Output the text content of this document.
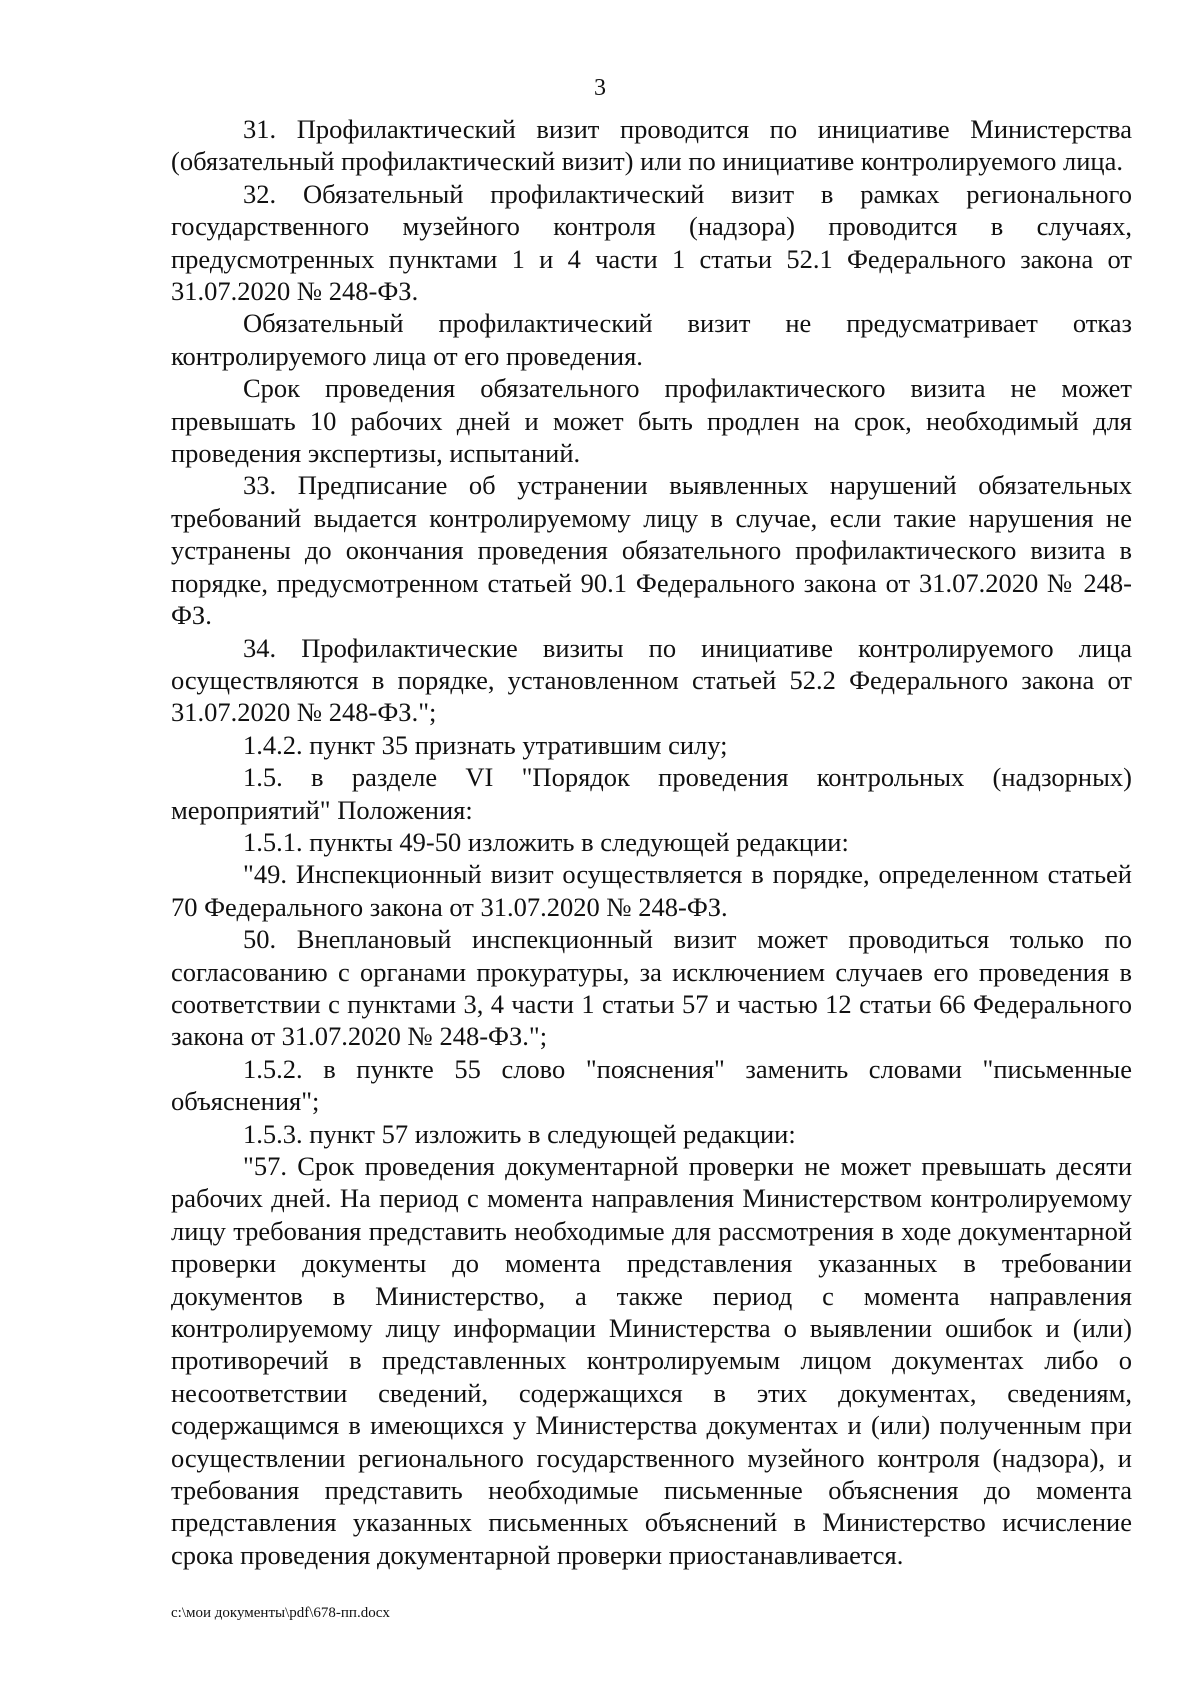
3

31. Профилактический визит проводится по инициативе Министерства (обязательный профилактический визит) или по инициативе контролируемого лица.

32. Обязательный профилактический визит в рамках регионального государственного музейного контроля (надзора) проводится в случаях, предусмотренных пунктами 1 и 4 части 1 статьи 52.1 Федерального закона от 31.07.2020 № 248-ФЗ.

Обязательный профилактический визит не предусматривает отказ контролируемого лица от его проведения.

Срок проведения обязательного профилактического визита не может превышать 10 рабочих дней и может быть продлен на срок, необходимый для проведения экспертизы, испытаний.

33. Предписание об устранении выявленных нарушений обязательных требований выдается контролируемому лицу в случае, если такие нарушения не устранены до окончания проведения обязательного профилактического визита в порядке, предусмотренном статьей 90.1 Федерального закона от 31.07.2020 № 248-ФЗ.

34. Профилактические визиты по инициативе контролируемого лица осуществляются в порядке, установленном статьей 52.2 Федерального закона от 31.07.2020 № 248-ФЗ.";

1.4.2. пункт 35 признать утратившим силу;

1.5. в разделе VI "Порядок проведения контрольных (надзорных) мероприятий" Положения:

1.5.1. пункты 49-50 изложить в следующей редакции:

"49. Инспекционный визит осуществляется в порядке, определенном статьей 70 Федерального закона от 31.07.2020 № 248-ФЗ.

50. Внеплановый инспекционный визит может проводиться только по согласованию с органами прокуратуры, за исключением случаев его проведения в соответствии с пунктами 3, 4 части 1 статьи 57 и частью 12 статьи 66 Федерального закона от 31.07.2020 № 248-ФЗ.";

1.5.2. в пункте 55 слово "пояснения" заменить словами "письменные объяснения";

1.5.3. пункт 57 изложить в следующей редакции:

"57. Срок проведения документарной проверки не может превышать десяти рабочих дней. На период с момента направления Министерством контролируемому лицу требования представить необходимые для рассмотрения в ходе документарной проверки документы до момента представления указанных в требовании документов в Министерство, а также период с момента направления контролируемому лицу информации Министерства о выявлении ошибок и (или) противоречий в представленных контролируемым лицом документах либо о несоответствии сведений, содержащихся в этих документах, сведениям, содержащимся в имеющихся у Министерства документах и (или) полученным при осуществлении регионального государственного музейного контроля (надзора), и требования представить необходимые письменные объяснения до момента представления указанных письменных объяснений в Министерство исчисление срока проведения документарной проверки приостанавливается.

c:\мои документы\pdf\678-пп.docx
